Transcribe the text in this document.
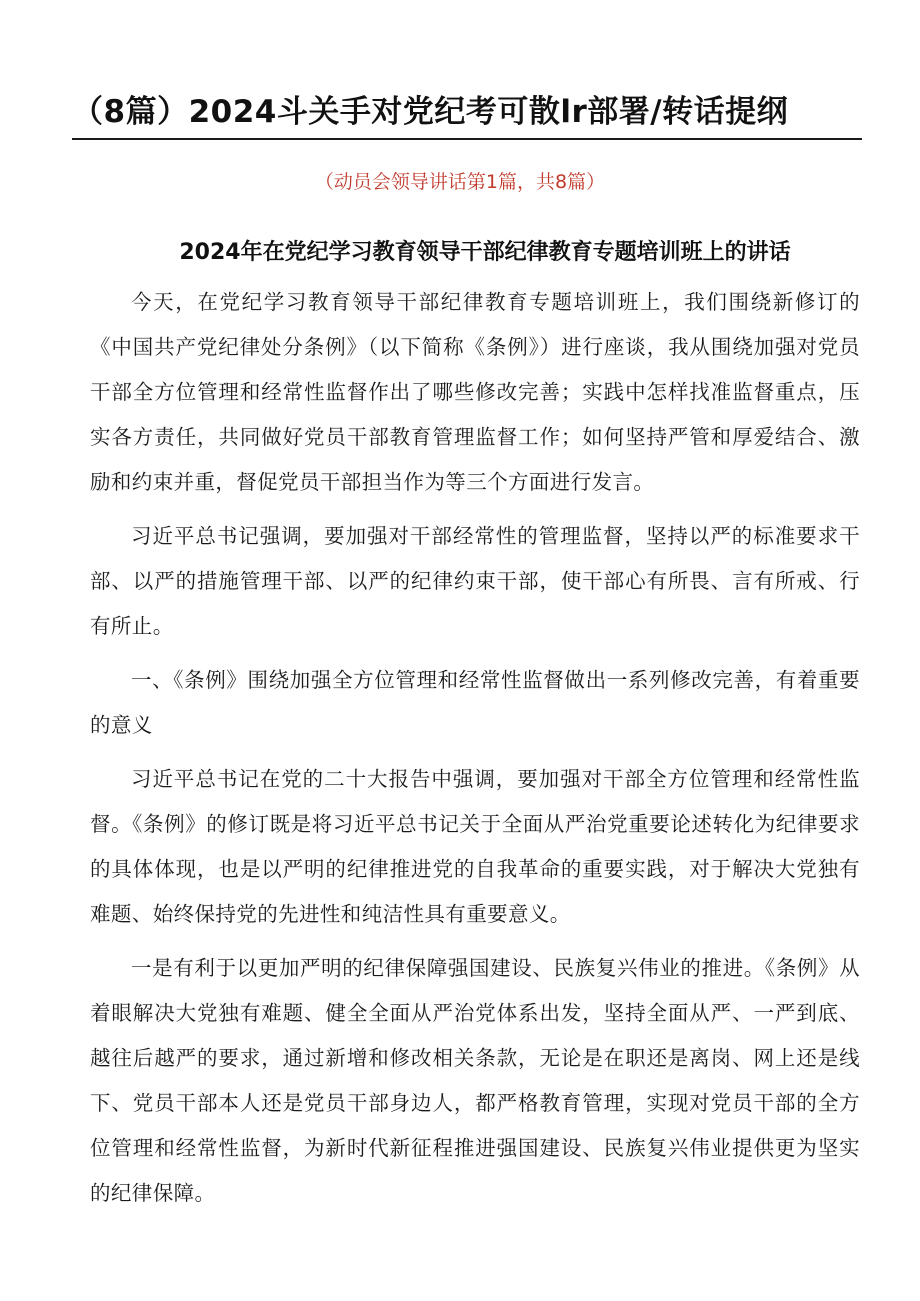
（8篇）2024斗关手对党纪考可散lr部署/转话提纲
（动员会领导讲话第1篇，共8篇）
2024年在党纪学习教育领导干部纪律教育专题培训班上的讲话

今天，在党纪学习教育领导干部纪律教育专题培训班上，我们围绕新修订的《中国共产党纪律处分条例》（以下简称《条例》）进行座谈，我从围绕加强对党员干部全方位管理和经常性监督作出了哪些修改完善；实践中怎样找准监督重点，压实各方责任，共同做好党员干部教育管理监督工作；如何坚持严管和厚爱结合、激励和约束并重，督促党员干部担当作为等三个方面进行发言。

习近平总书记强调，要加强对干部经常性的管理监督，坚持以严的标准要求干部、以严的措施管理干部、以严的纪律约束干部，使干部心有所畏、言有所戒、行有所止。

一、《条例》围绕加强全方位管理和经常性监督做出一系列修改完善，有着重要的意义

习近平总书记在党的二十大报告中强调，要加强对干部全方位管理和经常性监督。《条例》的修订既是将习近平总书记关于全面从严治党重要论述转化为纪律要求的具体体现，也是以严明的纪律推进党的自我革命的重要实践，对于解决大党独有难题、始终保持党的先进性和纯洁性具有重要意义。

一是有利于以更加严明的纪律保障强国建设、民族复兴伟业的推进。《条例》从着眼解决大党独有难题、健全全面从严治党体系出发，坚持全面从严、一严到底、越往后越严的要求，通过新增和修改相关条款，无论是在职还是离岗、网上还是线下、党员干部本人还是党员干部身边人，都严格教育管理，实现对党员干部的全方位管理和经常性监督，为新时代新征程推进强国建设、民族复兴伟业提供更为坚实的纪律保障。
